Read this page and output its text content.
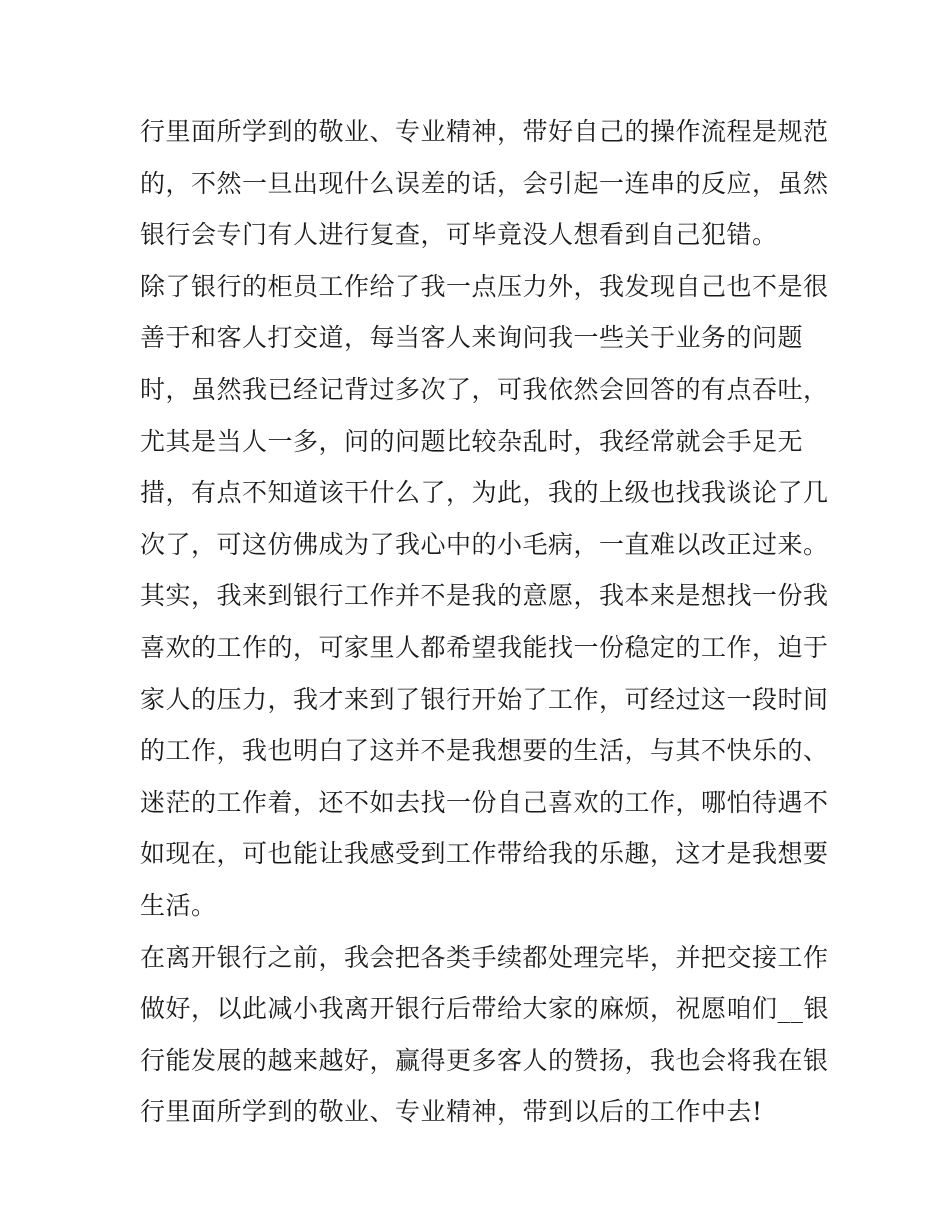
行里面所学到的敬业、专业精神，带好自己的操作流程是规范
的，不然一旦出现什么误差的话，会引起一连串的反应，虽然
银行会专门有人进行复查，可毕竟没人想看到自己犯错。
除了银行的柜员工作给了我一点压力外，我发现自己也不是很
善于和客人打交道，每当客人来询问我一些关于业务的问题
时，虽然我已经记背过多次了，可我依然会回答的有点吞吐，
尤其是当人一多，问的问题比较杂乱时，我经常就会手足无
措，有点不知道该干什么了，为此，我的上级也找我谈论了几
次了，可这仿佛成为了我心中的小毛病，一直难以改正过来。
其实，我来到银行工作并不是我的意愿，我本来是想找一份我
喜欢的工作的，可家里人都希望我能找一份稳定的工作，迫于
家人的压力，我才来到了银行开始了工作，可经过这一段时间
的工作，我也明白了这并不是我想要的生活，与其不快乐的、
迷茫的工作着，还不如去找一份自己喜欢的工作，哪怕待遇不
如现在，可也能让我感受到工作带给我的乐趣，这才是我想要
生活。
在离开银行之前，我会把各类手续都处理完毕，并把交接工作
做好，以此减小我离开银行后带给大家的麻烦，祝愿咱们__银
行能发展的越来越好，赢得更多客人的赞扬，我也会将我在银
行里面所学到的敬业、专业精神，带到以后的工作中去!
